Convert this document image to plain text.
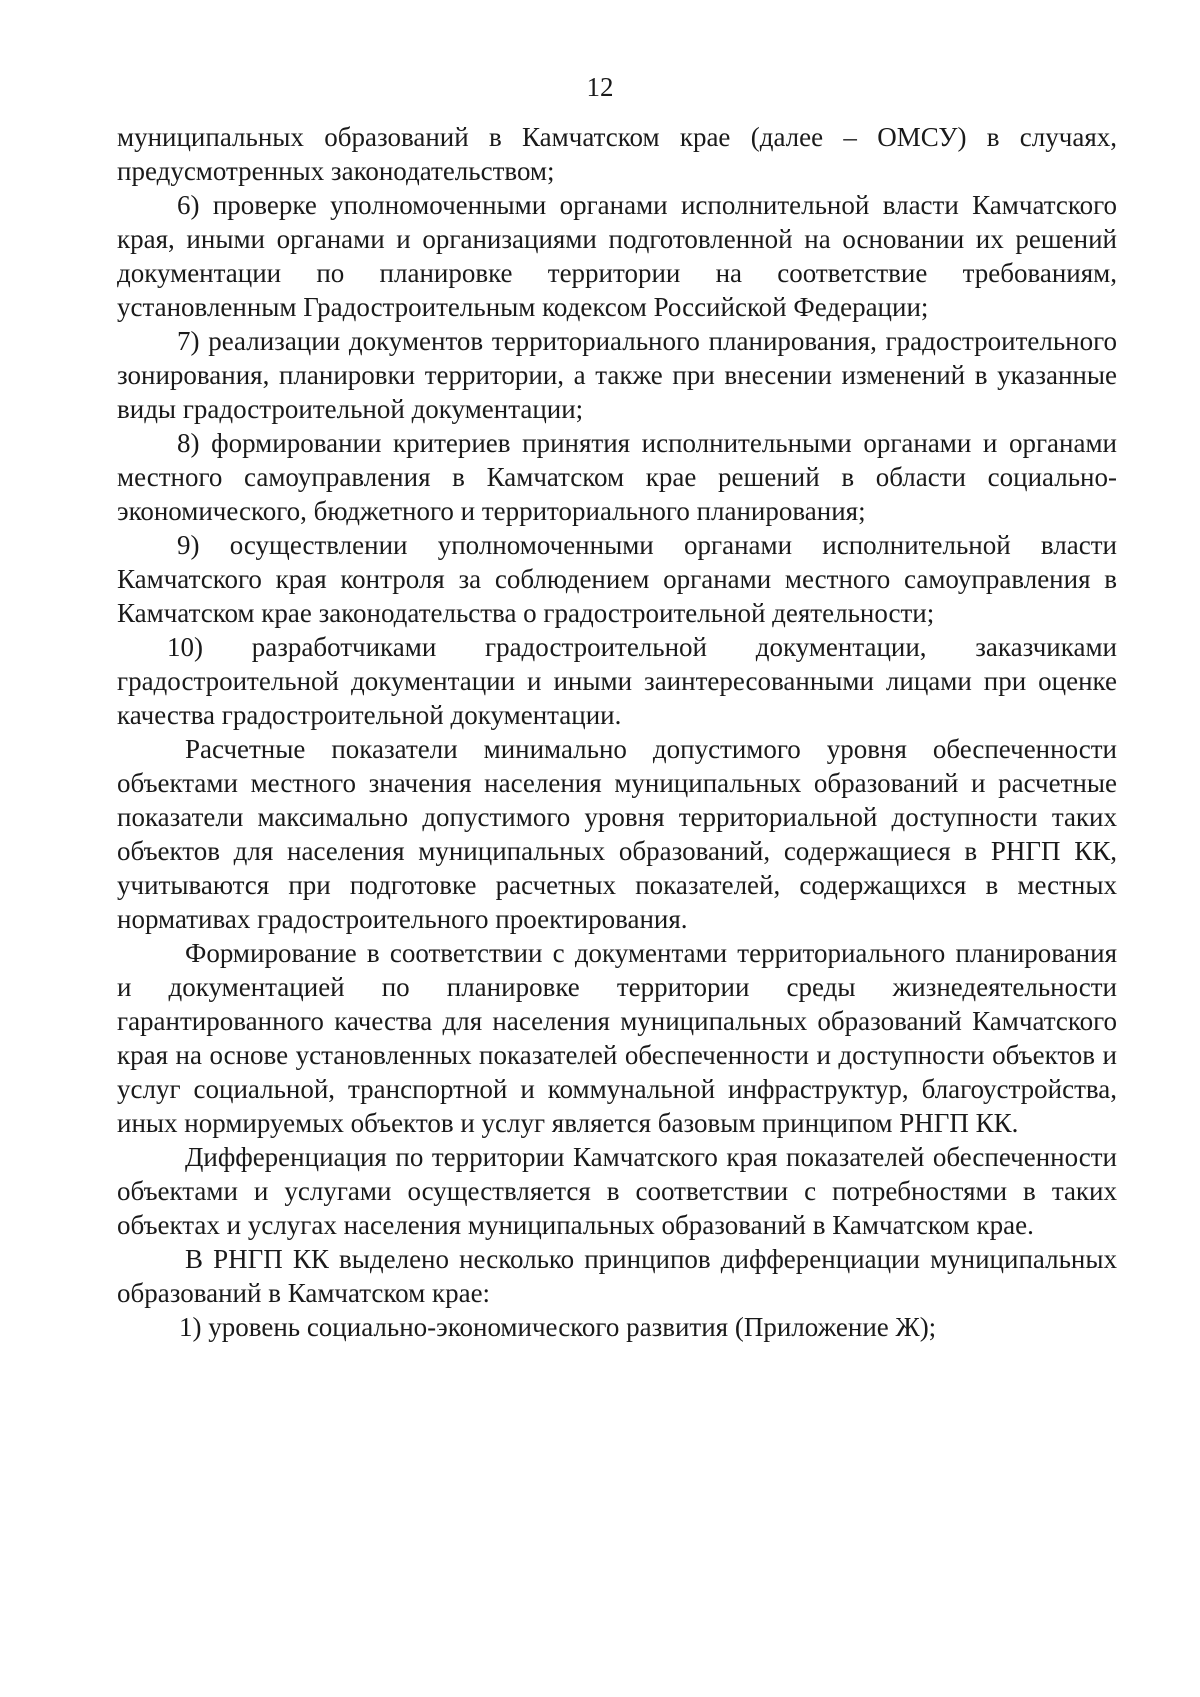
12

муниципальных образований в Камчатском крае (далее – ОМСУ) в случаях, предусмотренных законодательством;

6) проверке уполномоченными органами исполнительной власти Камчатского края, иными органами и организациями подготовленной на основании их решений документации по планировке территории на соответствие требованиям, установленным Градостроительным кодексом Российской Федерации;

7) реализации документов территориального планирования, градостроительного зонирования, планировки территории, а также при внесении изменений в указанные виды градостроительной документации;

8) формировании критериев принятия исполнительными органами и органами местного самоуправления в Камчатском крае решений в области социально-экономического, бюджетного и территориального планирования;

9) осуществлении уполномоченными органами исполнительной власти Камчатского края контроля за соблюдением органами местного самоуправления в Камчатском крае законодательства о градостроительной деятельности;

10) разработчиками градостроительной документации, заказчиками градостроительной документации и иными заинтересованными лицами при оценке качества градостроительной документации.

Расчетные показатели минимально допустимого уровня обеспеченности объектами местного значения населения муниципальных образований и расчетные показатели максимально допустимого уровня территориальной доступности таких объектов для населения муниципальных образований, содержащиеся в РНГП КК, учитываются при подготовке расчетных показателей, содержащихся в местных нормативах градостроительного проектирования.

Формирование в соответствии с документами территориального планирования и документацией по планировке территории среды жизнедеятельности гарантированного качества для населения муниципальных образований Камчатского края на основе установленных показателей обеспеченности и доступности объектов и услуг социальной, транспортной и коммунальной инфраструктур, благоустройства, иных нормируемых объектов и услуг является базовым принципом РНГП КК.

Дифференциация по территории Камчатского края показателей обеспеченности объектами и услугами осуществляется в соответствии с потребностями в таких объектах и услугах населения муниципальных образований в Камчатском крае.

В РНГП КК выделено несколько принципов дифференциации муниципальных образований в Камчатском крае:

1) уровень социально-экономического развития (Приложение Ж);
